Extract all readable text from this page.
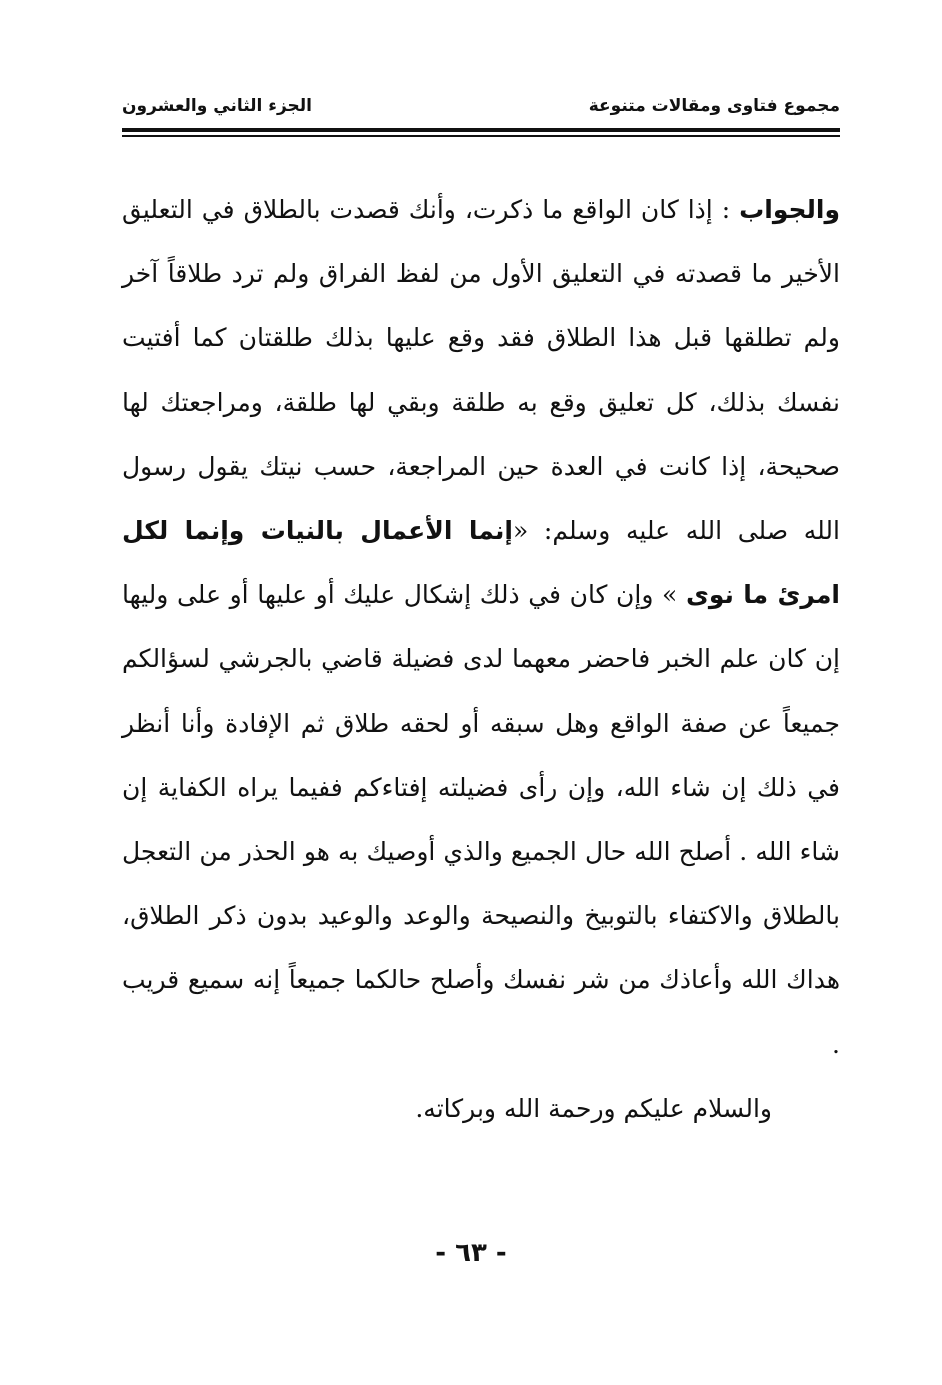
مجموع فتاوى ومقالات متنوعة
الجزء الثاني والعشرون

والجواب : إذا كان الواقع ما ذكرت، وأنك قصدت بالطلاق في التعليق الأخير ما قصدته في التعليق الأول من لفظ الفراق ولم ترد طلاقاً آخر ولم تطلقها قبل هذا الطلاق فقد وقع عليها بذلك طلقتان كما أفتيت نفسك بذلك، كل تعليق وقع به طلقة وبقي لها طلقة، ومراجعتك لها صحيحة، إذا كانت في العدة حين المراجعة، حسب نيتك يقول رسول الله صلى الله عليه وسلم: «إنما الأعمال بالنيات وإنما لكل امرئ ما نوى » وإن كان في ذلك إشكال عليك أو عليها أو على وليها إن كان علم الخبر فاحضر معهما لدى فضيلة قاضي بالجرشي لسؤالكم جميعاً عن صفة الواقع وهل سبقه أو لحقه طلاق ثم الإفادة وأنا أنظر في ذلك إن شاء الله، وإن رأى فضيلته إفتاءكم ففيما يراه الكفاية إن شاء الله . أصلح الله حال الجميع والذي أوصيك به هو الحذر من التعجل بالطلاق والاكتفاء بالتوبيخ والنصيحة والوعد والوعيد بدون ذكر الطلاق، هداك الله وأعاذك من شر نفسك وأصلح حالكما جميعاً إنه سميع قريب .

والسلام عليكم ورحمة الله وبركاته.

- ٦٣ -
